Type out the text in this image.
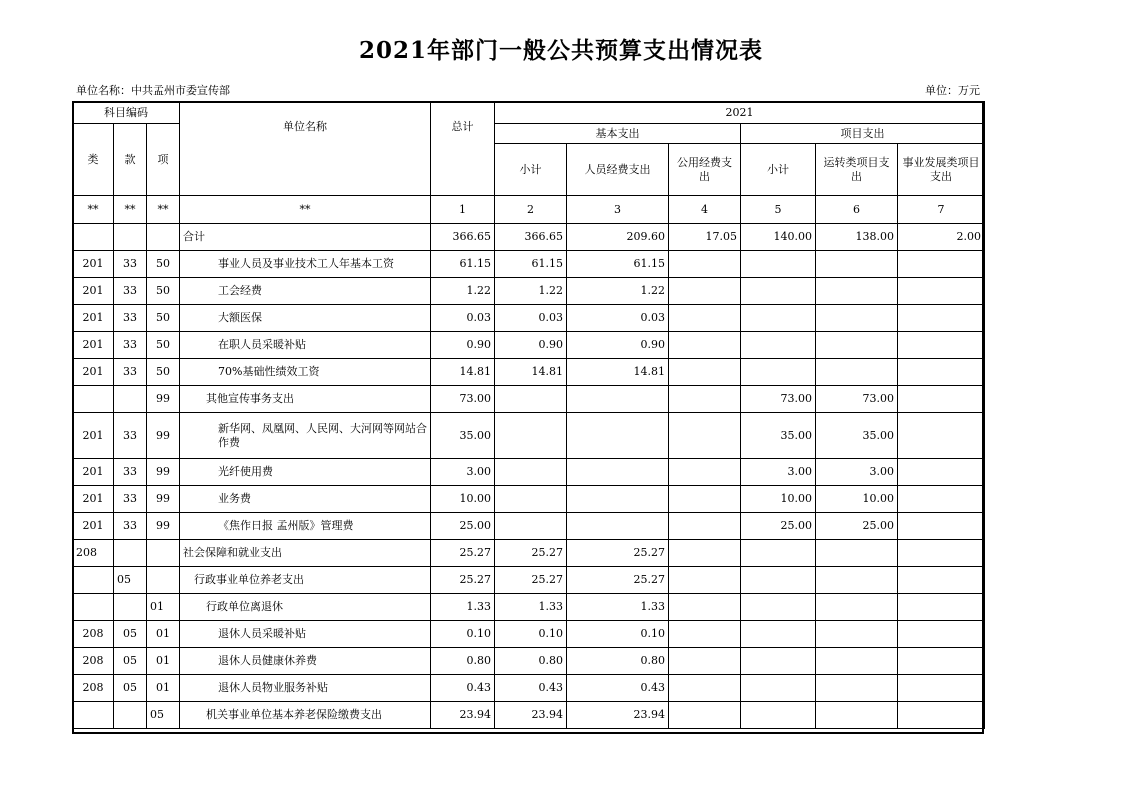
2021年部门一般公共预算支出情况表
单位名称：中共孟州市委宣传部	单位：万元
科目编码			单位名称	总计	2021					
类	款	项			基本支出			项目支出		
					小计	人员经费支出	公用经费支出	小计	运转类项目支出	事业发展类项目支出

**	**	**	**	1	2	3	4	5	6	7
			合计	366.65	366.65	209.60	17.05	140.00	138.00	2.00
201	33	50	事业人员及事业技术工人年基本工资	61.15	61.15	61.15				
201	33	50	工会经费	1.22	1.22	1.22				
201	33	50	大额医保	0.03	0.03	0.03				
201	33	50	在职人员采暖补贴	0.90	0.90	0.90				
201	33	50	70%基础性绩效工资	14.81	14.81	14.81				
		99	其他宣传事务支出	73.00				73.00	73.00	
201	33	99	新华网、凤凰网、人民网、大河网等网站合作费	35.00				35.00	35.00	
201	33	99	光纤使用费	3.00				3.00	3.00	
201	33	99	业务费	10.00				10.00	10.00	
201	33	99	《焦作日报 孟州版》管理费	25.00				25.00	25.00	
208			社会保障和就业支出	25.27	25.27	25.27				
	05		行政事业单位养老支出	25.27	25.27	25.27				
		01	行政单位离退休	1.33	1.33	1.33				
208	05	01	退休人员采暖补贴	0.10	0.10	0.10				
208	05	01	退休人员健康休养费	0.80	0.80	0.80				
208	05	01	退休人员物业服务补贴	0.43	0.43	0.43				
		05	机关事业单位基本养老保险缴费支出	23.94	23.94	23.94				
